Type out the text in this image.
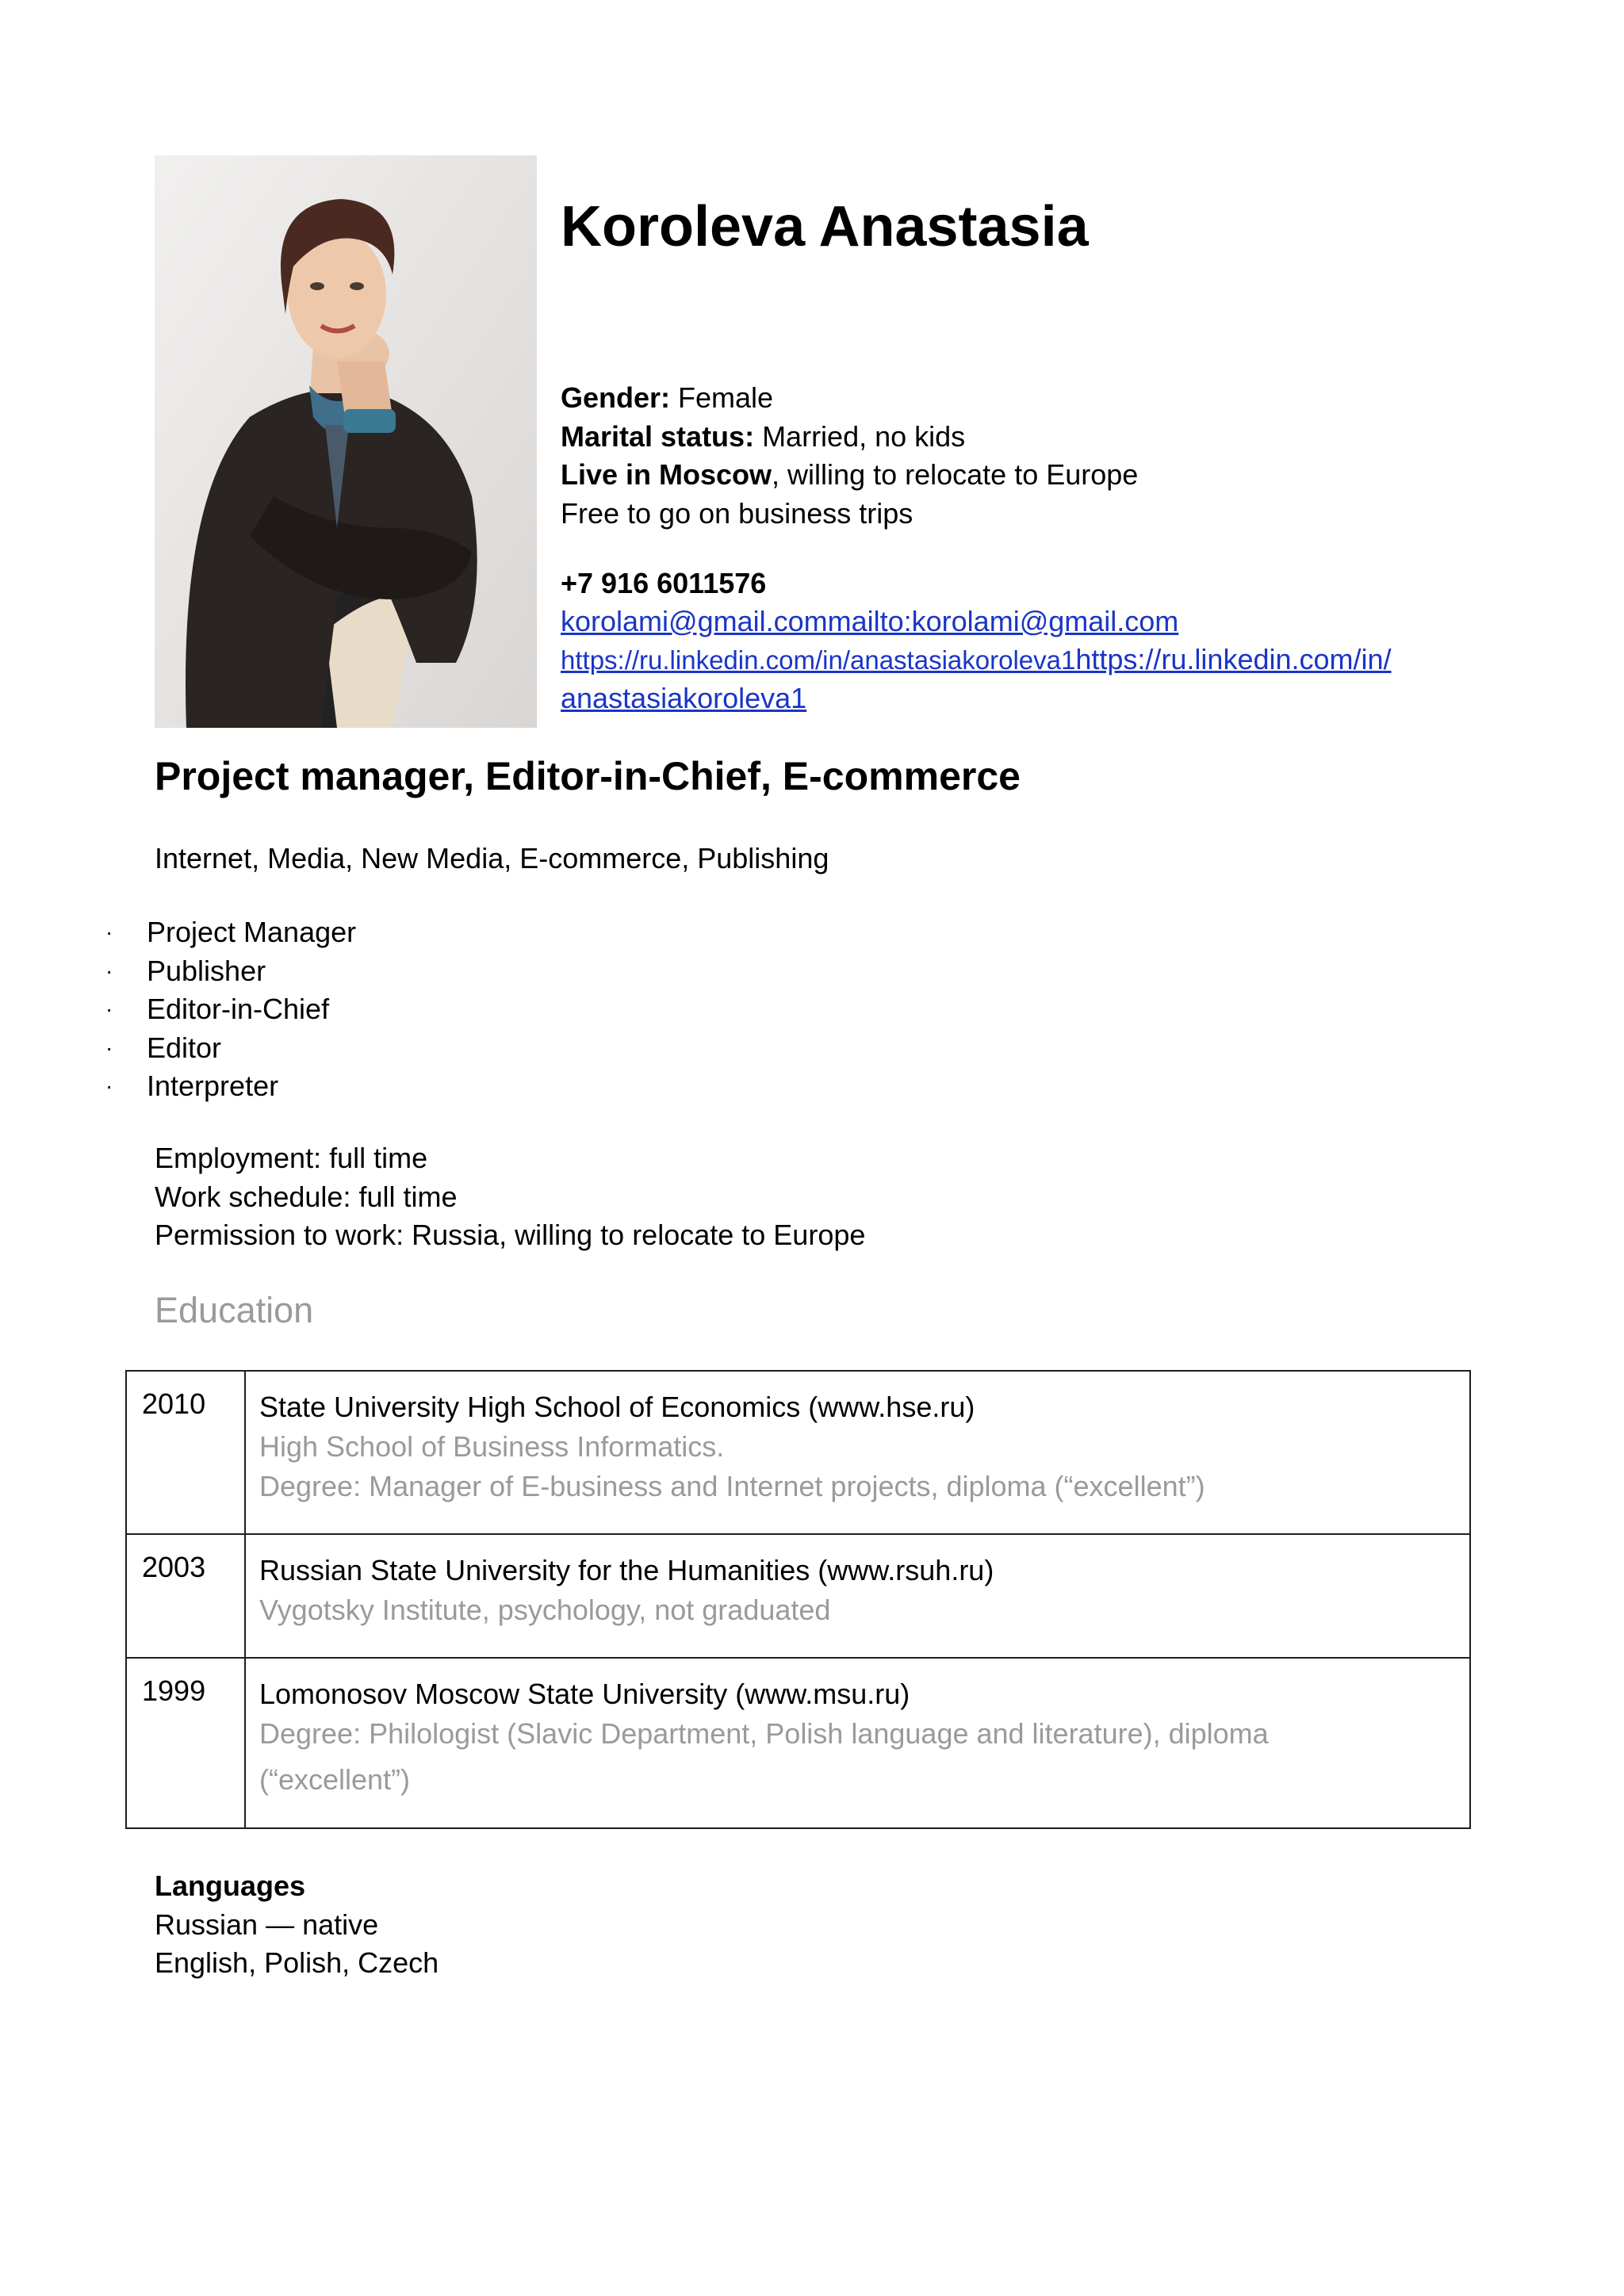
Koroleva Anastasia
Gender: Female
Marital status: Married, no kids
Live in Moscow, willing to relocate to Europe
Free to go on business trips
+7 916 6011576
korolami@gmail.commailto:korolami@gmail.com
https://ru.linkedin.com/in/anastasiakoroleva1https://ru.linkedin.com/in/
anastasiakoroleva1
Project manager, Editor-in-Chief, E-commerce
Internet, Media, New Media, E-commerce, Publishing
· Project Manager
· Publisher
· Editor-in-Chief
· Editor
· Interpreter
Employment: full time
Work schedule: full time
Permission to work: Russia, willing to relocate to Europe
Education
2010	State University High School of Economics (www.hse.ru)
High School of Business Informatics.
Degree: Manager of E-business and Internet projects, diploma (“excellent”)

2003	Russian State University for the Humanities (www.rsuh.ru)
Vygotsky Institute, psychology, not graduated

1999	Lomonosov Moscow State University (www.msu.ru)
Degree: Philologist (Slavic Department, Polish language and literature), diploma
(“excellent”)
Languages
Russian — native
English, Polish, Czech
